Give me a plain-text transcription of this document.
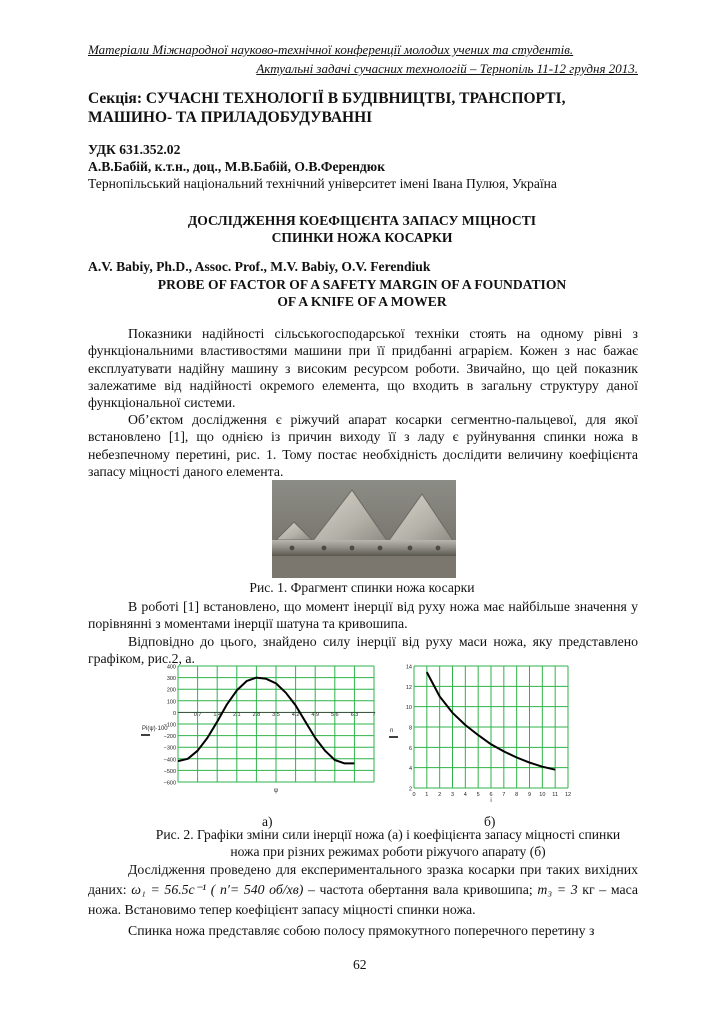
Матеріали Міжнародної науково-технічної конференції молодих учених та студентів.
Актуальні задачі сучасних технологій – Тернопіль 11-12 грудня 2013.
Секція: СУЧАСНІ ТЕХНОЛОГІЇ В БУДІВНИЦТВІ, ТРАНСПОРТІ,
МАШИНО- ТА ПРИЛАДОБУДУВАННІ
УДК 631.352.02
А.В.Бабій, к.т.н., доц., М.В.Бабій, О.В.Ферендюк
Тернопільський національний технічний університет імені Івана Пулюя, Україна
ДОСЛІДЖЕННЯ КОЕФІЦІЄНТА ЗАПАСУ МІЦНОСТІ
СПИНКИ НОЖА КОСАРКИ
A.V. Babiy, Ph.D., Assoc. Prof., M.V. Babiy, O.V. Ferendiuk
PROBE OF FACTOR OF A SAFETY MARGIN OF A FOUNDATION
OF A KNIFE OF A MOWER
Показники надійності сільськогосподарської техніки стоять на одному рівні з функціональними властивостями машини при її придбанні аграрієм. Кожен з нас бажає експлуатувати надійну машину з високим ресурсом роботи. Звичайно, що цей показник залежатиме від надійності окремого елемента, що входить в загальну структуру даної функціональної системи.
Об’єктом дослідження є ріжучий апарат косарки сегментно-пальцевої, для якої встановлено [1], що однією із причин виходу її з ладу є руйнування спинки ножа в небезпечному перетині, рис. 1. Тому постає необхідність дослідити величину коефіцієнта запасу міцності даного елемента.
Рис. 1. Фрагмент спинки ножа косарки
В роботі [1] встановлено, що момент інерції від руху ножа має найбільше значення у порівнянні з моментами інерції шатуна та кривошипа.
Відповідно до цього, знайдено силу інерції від руху маси ножа, яку представлено графіком, рис.2, а.
400
300
200
100
0
−100
−200
−300
−400
−500
−600
0.7 1.4 2.1 2.8 3.5 4.2 4.9 5.6 6.3	7
Pi(ψ)·100
ψ
14
12
10
8
6
4
2
0 1 2 3 4 5 6 7 8 9 10 11 12
n
i
а)	б)
Рис. 2. Графіки зміни сили інерції ножа (а) і коефіцієнта запасу міцності спинки
ножа при різних режимах роботи ріжучого апарату (б)
Дослідження проведено для експериментального зразка косарки при таких вихідних даних: ω₁ = 56.5c⁻¹ ( n′= 540 об/хв) – частота обертання вала кривошипа; m₃ = 3 кг – маса ножа. Встановимо тепер коефіцієнт запасу міцності спинки ножа.
Спинка ножа представляє собою полосу прямокутного поперечного перетину з
62
